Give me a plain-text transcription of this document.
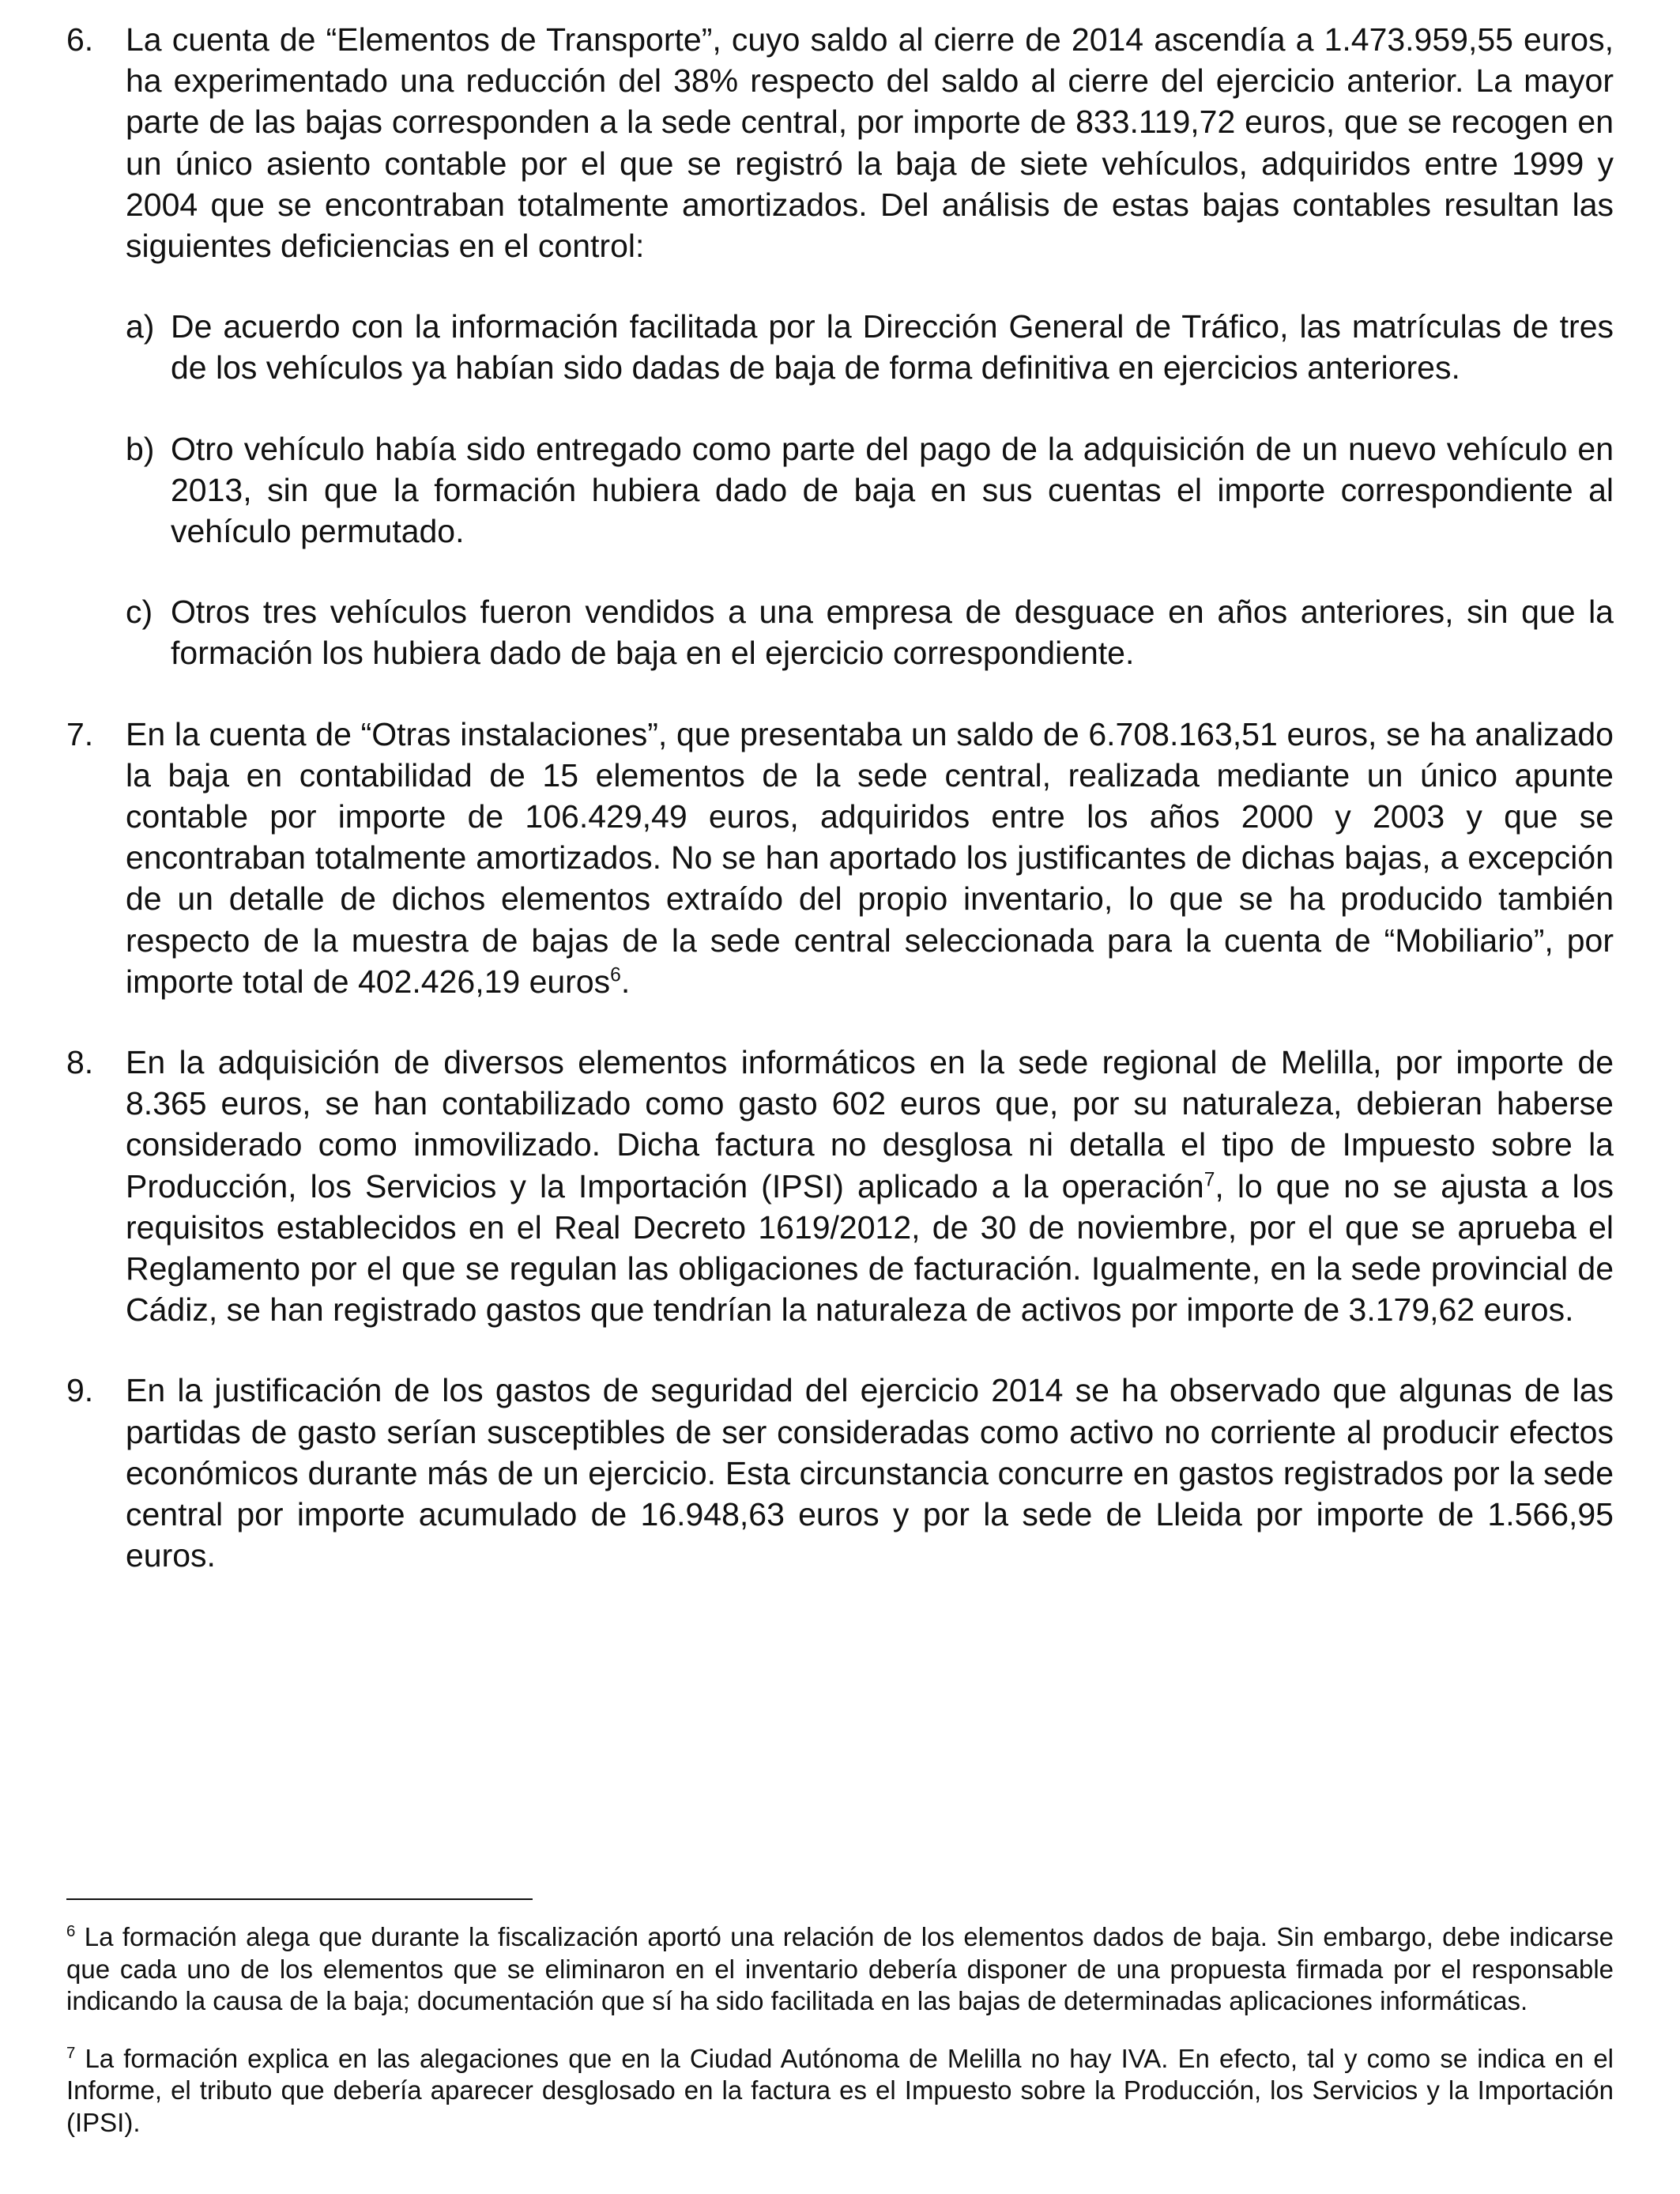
6. La cuenta de “Elementos de Transporte”, cuyo saldo al cierre de 2014 ascendía a 1.473.959,55 euros, ha experimentado una reducción del 38% respecto del saldo al cierre del ejercicio anterior. La mayor parte de las bajas corresponden a la sede central, por importe de 833.119,72 euros, que se recogen en un único asiento contable por el que se registró la baja de siete vehículos, adquiridos entre 1999 y 2004 que se encontraban totalmente amortizados. Del análisis de estas bajas contables resultan las siguientes deficiencias en el control:

a) De acuerdo con la información facilitada por la Dirección General de Tráfico, las matrículas de tres de los vehículos ya habían sido dadas de baja de forma definitiva en ejercicios anteriores.

b) Otro vehículo había sido entregado como parte del pago de la adquisición de un nuevo vehículo en 2013, sin que la formación hubiera dado de baja en sus cuentas el importe correspondiente al vehículo permutado.

c) Otros tres vehículos fueron vendidos a una empresa de desguace en años anteriores, sin que la formación los hubiera dado de baja en el ejercicio correspondiente.

7. En la cuenta de “Otras instalaciones”, que presentaba un saldo de 6.708.163,51 euros, se ha analizado la baja en contabilidad de 15 elementos de la sede central, realizada mediante un único apunte contable por importe de 106.429,49 euros, adquiridos entre los años 2000 y 2003 y que se encontraban totalmente amortizados. No se han aportado los justificantes de dichas bajas, a excepción de un detalle de dichos elementos extraído del propio inventario, lo que se ha producido también respecto de la muestra de bajas de la sede central seleccionada para la cuenta de “Mobiliario”, por importe total de 402.426,19 euros$^6$.

8. En la adquisición de diversos elementos informáticos en la sede regional de Melilla, por importe de 8.365 euros, se han contabilizado como gasto 602 euros que, por su naturaleza, debieran haberse considerado como inmovilizado. Dicha factura no desglosa ni detalla el tipo de Impuesto sobre la Producción, los Servicios y la Importación (IPSI) aplicado a la operación$^7$, lo que no se ajusta a los requisitos establecidos en el Real Decreto 1619/2012, de 30 de noviembre, por el que se aprueba el Reglamento por el que se regulan las obligaciones de facturación. Igualmente, en la sede provincial de Cádiz, se han registrado gastos que tendrían la naturaleza de activos por importe de 3.179,62 euros.

9. En la justificación de los gastos de seguridad del ejercicio 2014 se ha observado que algunas de las partidas de gasto serían susceptibles de ser consideradas como activo no corriente al producir efectos económicos durante más de un ejercicio. Esta circunstancia concurre en gastos registrados por la sede central por importe acumulado de 16.948,63 euros y por la sede de Lleida por importe de 1.566,95 euros.

$^6$ La formación alega que durante la fiscalización aportó una relación de los elementos dados de baja. Sin embargo, debe indicarse que cada uno de los elementos que se eliminaron en el inventario debería disponer de una propuesta firmada por el responsable indicando la causa de la baja; documentación que sí ha sido facilitada en las bajas de determinadas aplicaciones informáticas.

$^7$ La formación explica en las alegaciones que en la Ciudad Autónoma de Melilla no hay IVA. En efecto, tal y como se indica en el Informe, el tributo que debería aparecer desglosado en la factura es el Impuesto sobre la Producción, los Servicios y la Importación (IPSI).
